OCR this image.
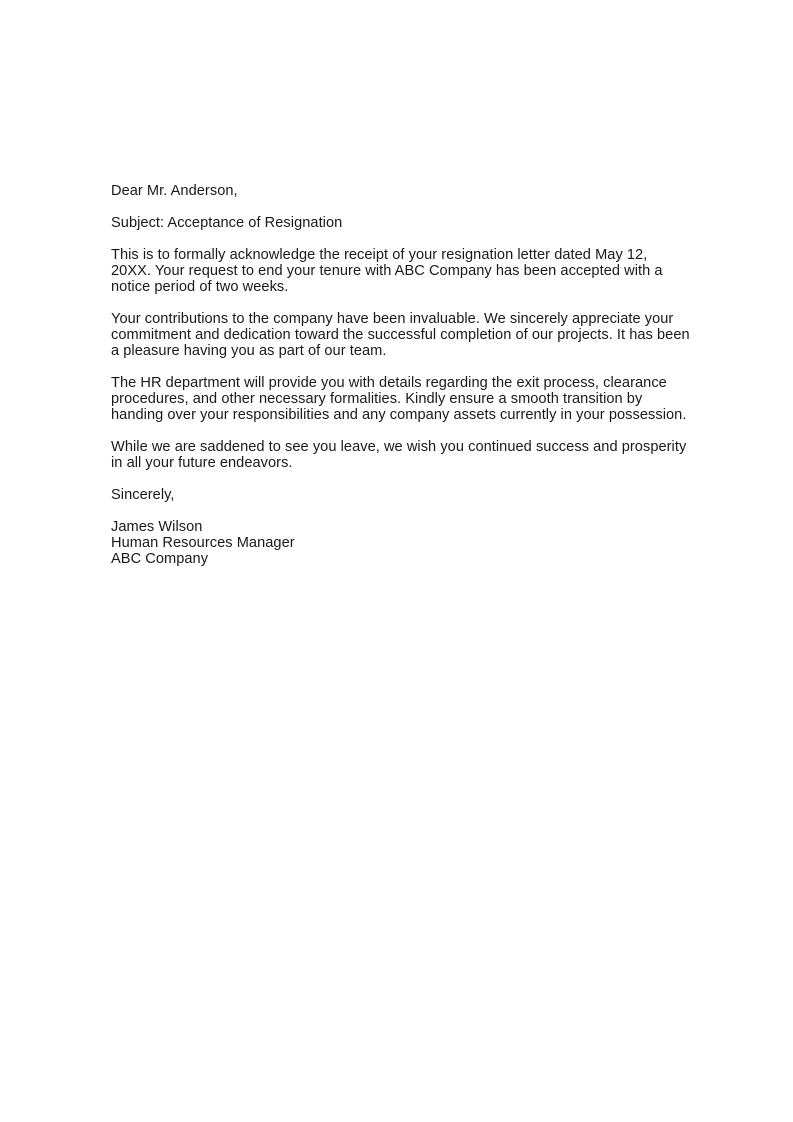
Dear Mr. Anderson,

Subject: Acceptance of Resignation

This is to formally acknowledge the receipt of your resignation letter dated May 12, 20XX. Your request to end your tenure with ABC Company has been accepted with a notice period of two weeks.

Your contributions to the company have been invaluable. We sincerely appreciate your commitment and dedication toward the successful completion of our projects. It has been a pleasure having you as part of our team.

The HR department will provide you with details regarding the exit process, clearance procedures, and other necessary formalities. Kindly ensure a smooth transition by handing over your responsibilities and any company assets currently in your possession.

While we are saddened to see you leave, we wish you continued success and prosperity in all your future endeavors.

Sincerely,

James Wilson
Human Resources Manager
ABC Company
